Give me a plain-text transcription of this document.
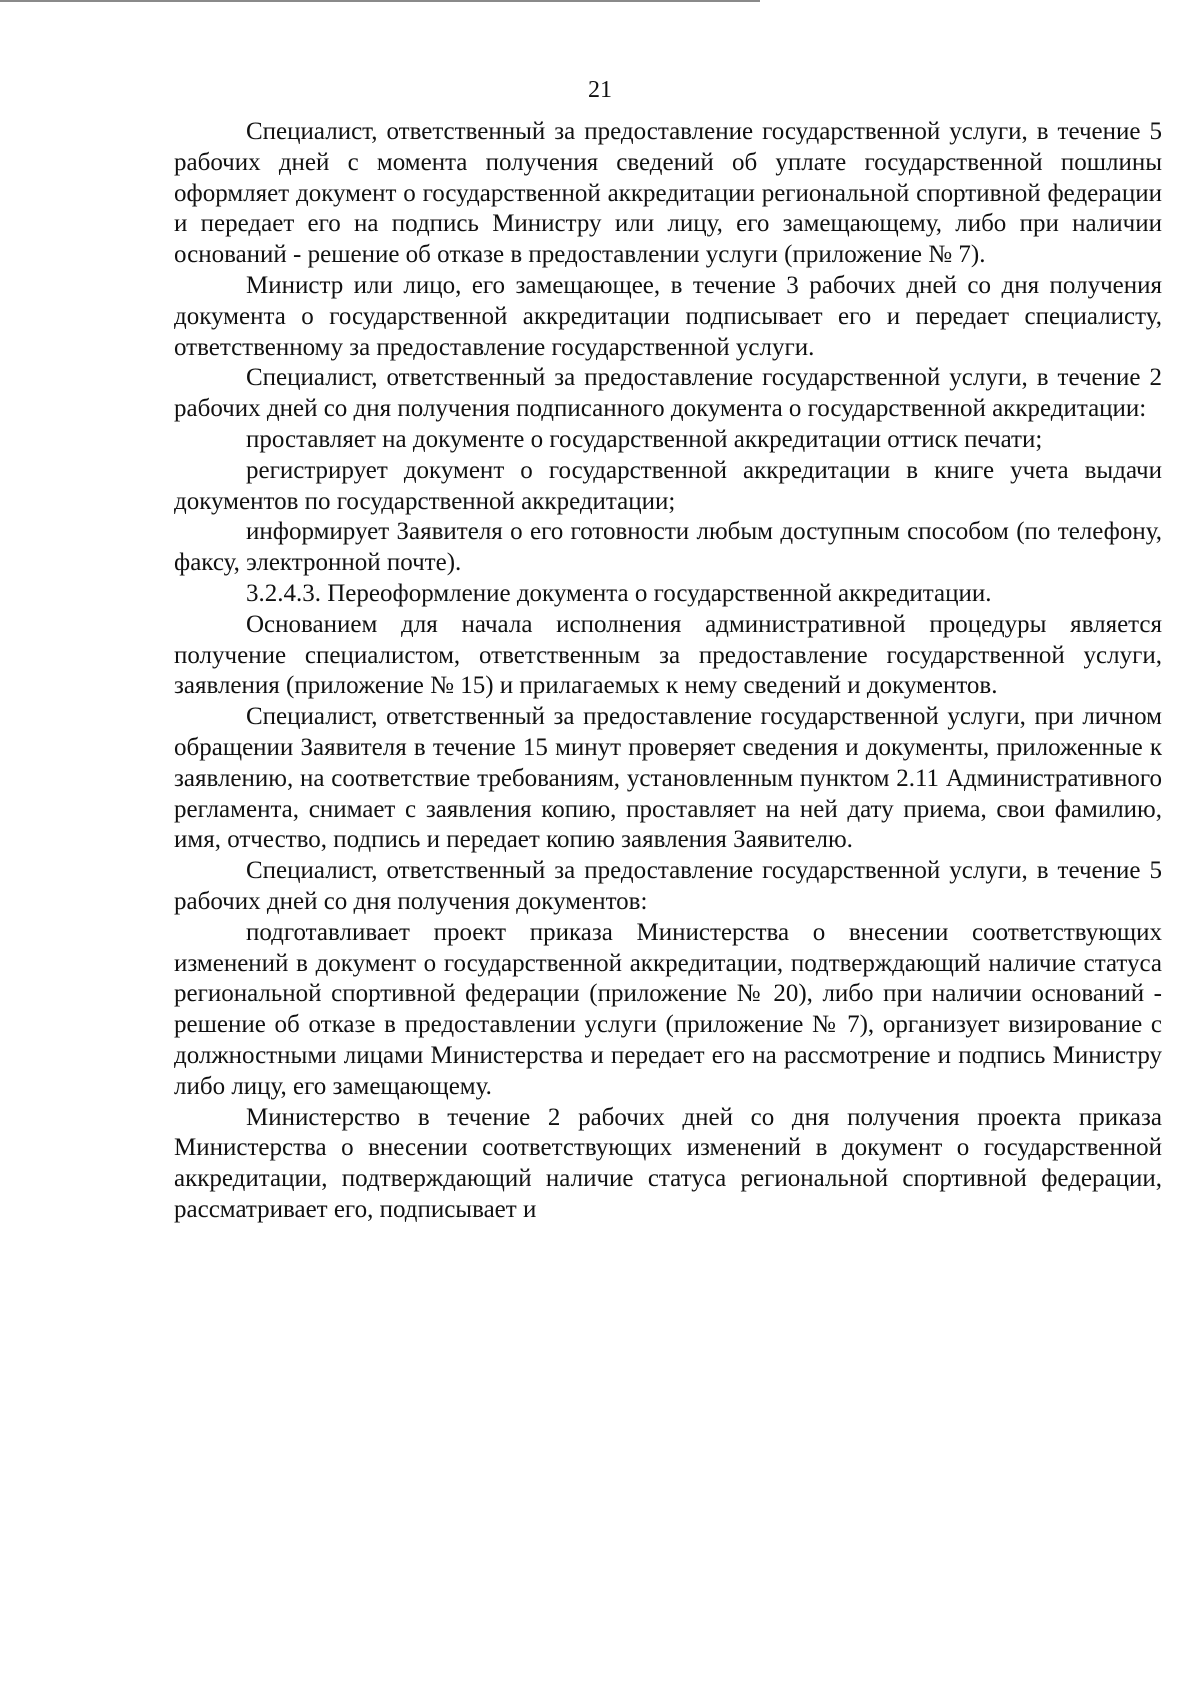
21

Специалист, ответственный за предоставление государственной услуги, в течение 5 рабочих дней с момента получения сведений об уплате государственной пошлины оформляет документ о государственной аккредитации региональной спортивной федерации и передает его на подпись Министру или лицу, его замещающему, либо при наличии оснований - решение об отказе в предоставлении услуги (приложение № 7).

Министр или лицо, его замещающее, в течение 3 рабочих дней со дня получения документа о государственной аккредитации подписывает его и передает специалисту, ответственному за предоставление государственной услуги.

Специалист, ответственный за предоставление государственной услуги, в течение 2 рабочих дней со дня получения подписанного документа о государственной аккредитации:

проставляет на документе о государственной аккредитации оттиск печати;

регистрирует документ о государственной аккредитации в книге учета выдачи документов по государственной аккредитации;

информирует Заявителя о его готовности любым доступным способом (по телефону, факсу, электронной почте).

3.2.4.3. Переоформление документа о государственной аккредитации.

Основанием для начала исполнения административной процедуры является получение специалистом, ответственным за предоставление государственной услуги, заявления (приложение № 15) и прилагаемых к нему сведений и документов.

Специалист, ответственный за предоставление государственной услуги, при личном обращении Заявителя в течение 15 минут проверяет сведения и документы, приложенные к заявлению, на соответствие требованиям, установленным пунктом 2.11 Административного регламента, снимает с заявления копию, проставляет на ней дату приема, свои фамилию, имя, отчество, подпись и передает копию заявления Заявителю.

Специалист, ответственный за предоставление государственной услуги, в течение 5 рабочих дней со дня получения документов:

подготавливает проект приказа Министерства о внесении соответствующих изменений в документ о государственной аккредитации, подтверждающий наличие статуса региональной спортивной федерации (приложение № 20), либо при наличии оснований - решение об отказе в предоставлении услуги (приложение № 7), организует визирование с должностными лицами Министерства и передает его на рассмотрение и подпись Министру либо лицу, его замещающему.

Министерство в течение 2 рабочих дней со дня получения проекта приказа Министерства о внесении соответствующих изменений в документ о государственной аккредитации, подтверждающий наличие статуса региональной спортивной федерации, рассматривает его, подписывает и
